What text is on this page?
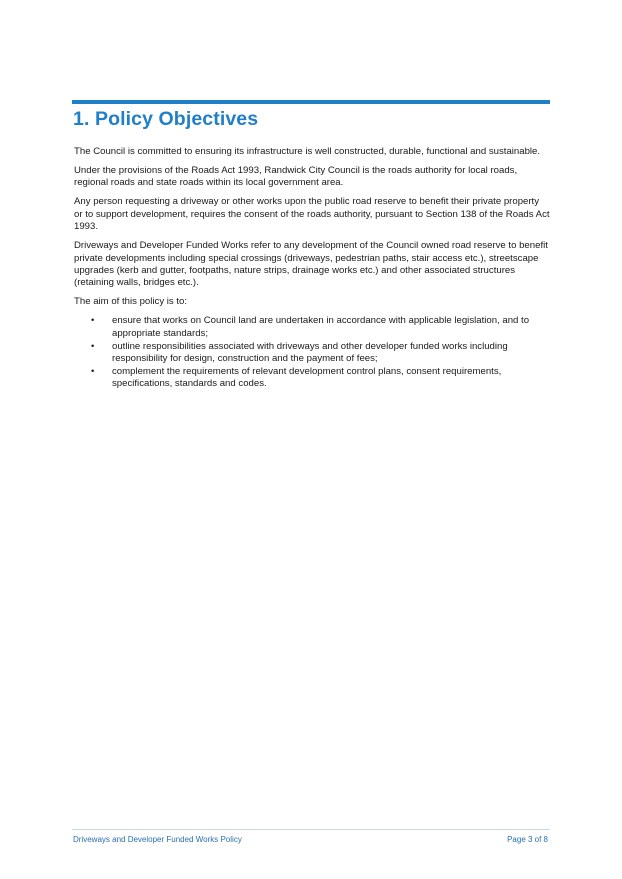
1. Policy Objectives

The Council is committed to ensuring its infrastructure is well constructed, durable, functional and sustainable.

Under the provisions of the Roads Act 1993, Randwick City Council is the roads authority for local roads, regional roads and state roads within its local government area.

Any person requesting a driveway or other works upon the public road reserve to benefit their private property or to support development, requires the consent of the roads authority, pursuant to Section 138 of the Roads Act 1993.

Driveways and Developer Funded Works refer to any development of the Council owned road reserve to benefit private developments including special crossings (driveways, pedestrian paths, stair access etc.), streetscape upgrades (kerb and gutter, footpaths, nature strips, drainage works etc.) and other associated structures (retaining walls, bridges etc.).

The aim of this policy is to:

• ensure that works on Council land are undertaken in accordance with applicable legislation, and to appropriate standards;
• outline responsibilities associated with driveways and other developer funded works including responsibility for design, construction and the payment of fees;
• complement the requirements of relevant development control plans, consent requirements, specifications, standards and codes.
Driveways and Developer Funded Works Policy	Page 3 of 8
